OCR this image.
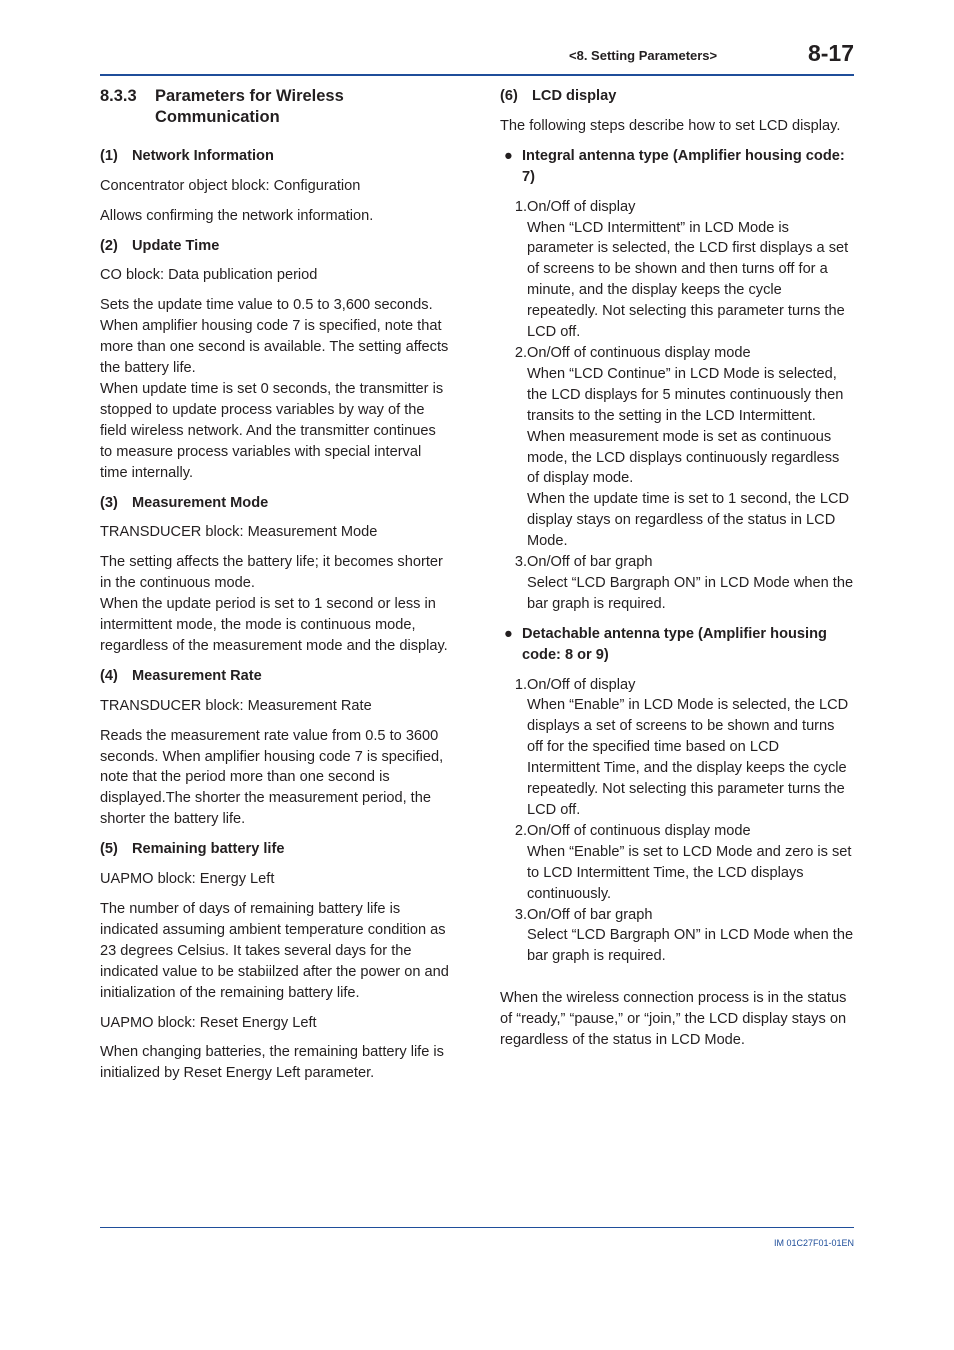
<8. Setting Parameters>	8-17
8.3.3	Parameters for Wireless Communication
(1) Network Information

Concentrator object block: Configuration

Allows confirming the network information.

(2) Update Time

CO block: Data publication period

Sets the update time value to 0.5 to 3,600 seconds. When amplifier housing code 7 is specified, note that more than one second is available. The setting affects the battery life.

When update time is set 0 seconds, the transmitter is stopped to update process variables by way of the field wireless network. And the transmitter continues to measure process variables with special interval time internally.

(3) Measurement Mode

TRANSDUCER block: Measurement Mode

The setting affects the battery life; it becomes shorter in the continuous mode.

When the update period is set to 1 second or less in intermittent mode, the mode is continuous mode, regardless of the measurement mode and the display.

(4) Measurement Rate

TRANSDUCER block: Measurement Rate

Reads the measurement rate value from 0.5 to 3600 seconds. When amplifier housing code 7 is specified, note that the period more than one second is displayed.The shorter the measurement period, the shorter the battery life.

(5) Remaining battery life

UAPMO block: Energy Left

The number of days of remaining battery life is indicated assuming ambient temperature condition as 23 degrees Celsius. It takes several days for the indicated value to be stabiilzed after the power on and initialization of the remaining battery life.

UAPMO block: Reset Energy Left

When changing batteries, the remaining battery life is initialized by Reset Energy Left parameter.

(6) LCD display

The following steps describe how to set LCD display.

● Integral antenna type (Amplifier housing code: 7)
1. On/Off of display
When “LCD Intermittent” in LCD Mode is parameter is selected, the LCD first displays a set of screens to be shown and then turns off for a minute, and the display keeps the cycle repeatedly. Not selecting this parameter turns the LCD off.
2. On/Off of continuous display mode
When “LCD Continue” in LCD Mode is selected, the LCD displays for 5 minutes continuously then transits to the setting in the LCD Intermittent.
When measurement mode is set as continuous mode, the LCD displays continuously regardless of display mode.
When the update time is set to 1 second, the LCD display stays on regardless of the status in LCD Mode.
3. On/Off of bar graph
Select “LCD Bargraph ON” in LCD Mode when the bar graph is required.
● Detachable antenna type (Amplifier housing code: 8 or 9)
1. On/Off of display
When “Enable” in LCD Mode is selected, the LCD displays a set of screens to be shown and turns off for the specified time based on LCD Intermittent Time, and the display keeps the cycle repeatedly. Not selecting this parameter turns the LCD off.
2. On/Off of continuous display mode
When “Enable” is set to LCD Mode and zero is set to LCD Intermittent Time, the LCD displays continuously.
3. On/Off of bar graph
Select “LCD Bargraph ON” in LCD Mode when the bar graph is required.

When the wireless connection process is in the status of “ready,” “pause,” or “join,” the LCD display stays on regardless of the status in LCD Mode.

IM 01C27F01-01EN
